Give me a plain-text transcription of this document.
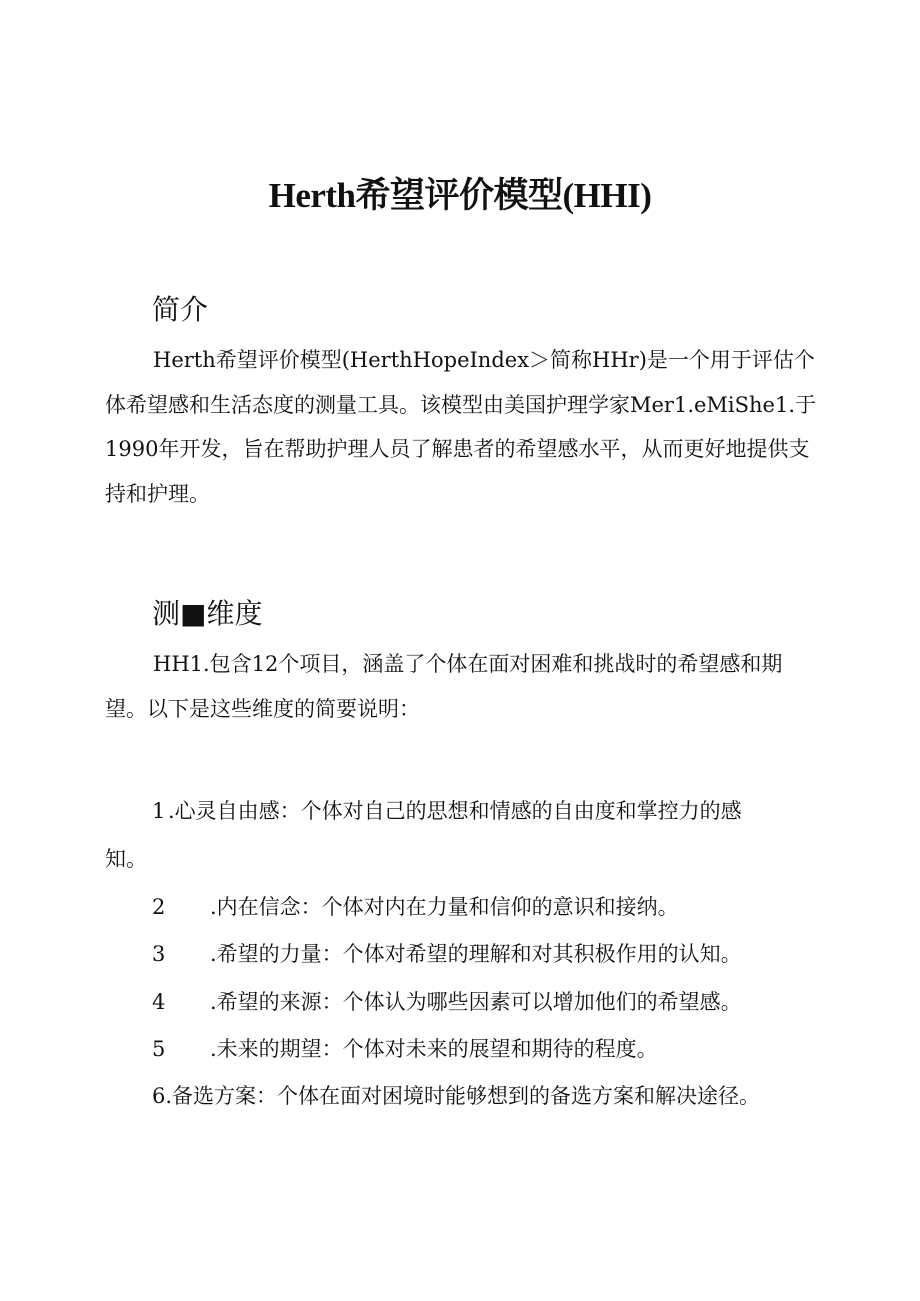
Herth希望评价模型(HHI)
简介
Herth希望评价模型(HerthHopeIndex＞简称HHr)是一个用于评估个体希望感和生活态度的测量工具。该模型由美国护理学家Mer1.eMiShe1.于1990年开发，旨在帮助护理人员了解患者的希望感水平，从而更好地提供支持和护理。
测■维度
HH1.包含12个项目，涵盖了个体在面对困难和挑战时的希望感和期望。以下是这些维度的简要说明：
1 .心灵自由感：个体对自己的思想和情感的自由度和掌控力的感
知。
2 .内在信念：个体对内在力量和信仰的意识和接纳。
3 .希望的力量：个体对希望的理解和对其积极作用的认知。
4 .希望的来源：个体认为哪些因素可以增加他们的希望感。
5 .未来的期望：个体对未来的展望和期待的程度。
6.备选方案：个体在面对困境时能够想到的备选方案和解决途径。
